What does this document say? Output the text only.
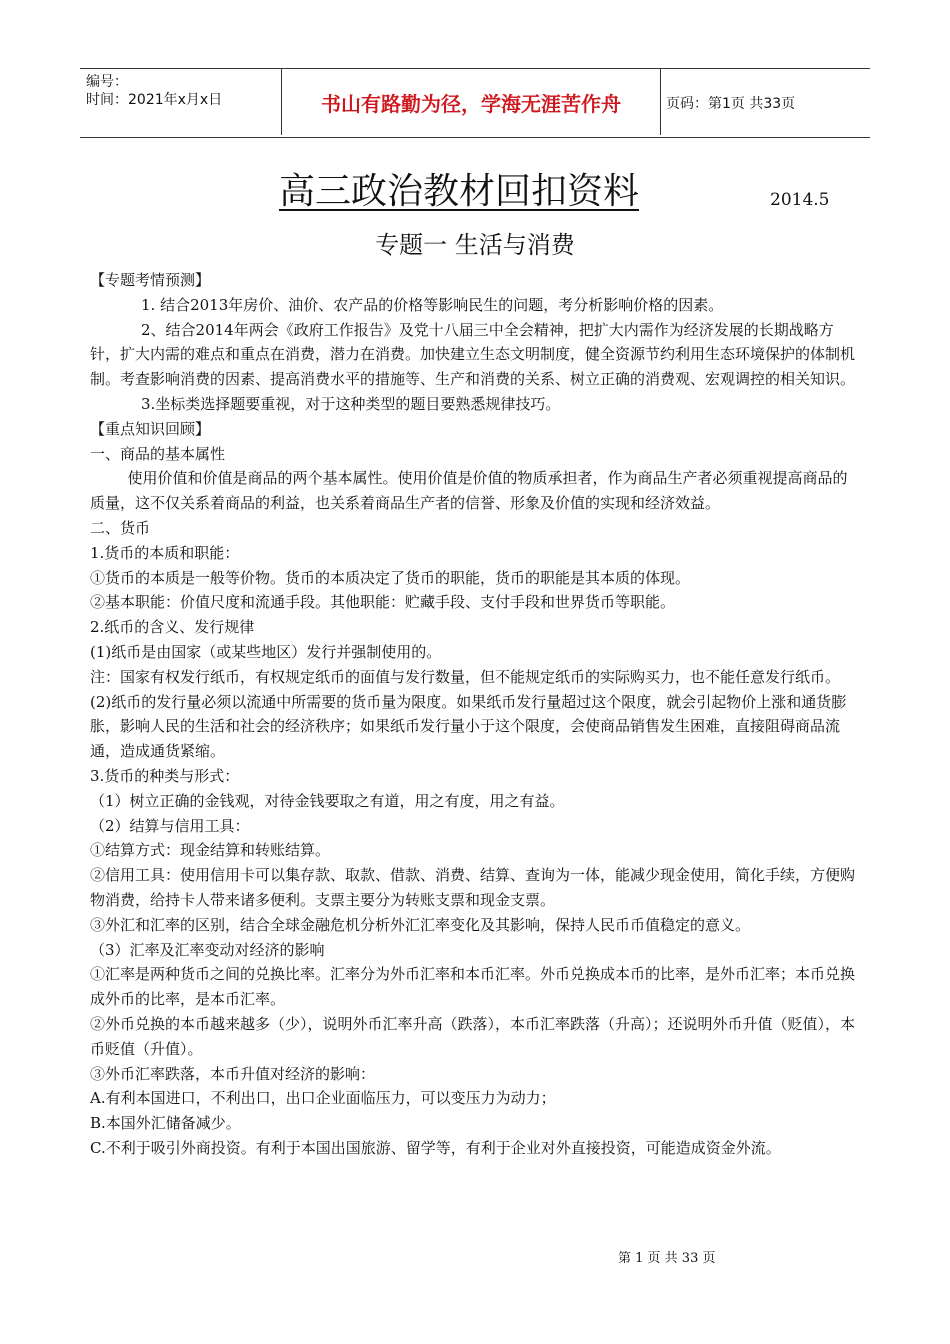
编号：
时间：2021年x月x日	书山有路勤为径，学海无涯苦作舟	页码：第1页 共33页
高三政治教材回扣资料	2014.5
专题一 生活与消费

【专题考情预测】

1. 结合2013年房价、油价、农产品的价格等影响民生的问题，考分析影响价格的因素。

2、结合2014年两会《政府工作报告》及党十八届三中全会精神，把扩大内需作为经济发展的长期战略方针，扩大内需的难点和重点在消费，潜力在消费。加快建立生态文明制度，健全资源节约利用生态环境保护的体制机制。考查影响消费的因素、提高消费水平的措施等、生产和消费的关系、树立正确的消费观、宏观调控的相关知识。

3.坐标类选择题要重视，对于这种类型的题目要熟悉规律技巧。

【重点知识回顾】

一、商品的基本属性

使用价值和价值是商品的两个基本属性。使用价值是价值的物质承担者，作为商品生产者必须重视提高商品的质量，这不仅关系着商品的利益，也关系着商品生产者的信誉、形象及价值的实现和经济效益。

二、货币

1.货币的本质和职能：

①货币的本质是一般等价物。货币的本质决定了货币的职能，货币的职能是其本质的体现。

②基本职能：价值尺度和流通手段。其他职能：贮藏手段、支付手段和世界货币等职能。

2.纸币的含义、发行规律

(1)纸币是由国家（或某些地区）发行并强制使用的。

注：国家有权发行纸币，有权规定纸币的面值与发行数量，但不能规定纸币的实际购买力，也不能任意发行纸币。

(2)纸币的发行量必须以流通中所需要的货币量为限度。如果纸币发行量超过这个限度，就会引起物价上涨和通货膨胀，影响人民的生活和社会的经济秩序；如果纸币发行量小于这个限度，会使商品销售发生困难，直接阻碍商品流通，造成通货紧缩。

3.货币的种类与形式：

（1）树立正确的金钱观，对待金钱要取之有道，用之有度，用之有益。

（2）结算与信用工具：

①结算方式：现金结算和转账结算。

②信用工具：使用信用卡可以集存款、取款、借款、消费、结算、查询为一体，能减少现金使用，简化手续，方便购物消费，给持卡人带来诸多便利。支票主要分为转账支票和现金支票。

③外汇和汇率的区别，结合全球金融危机分析外汇汇率变化及其影响，保持人民币币值稳定的意义。

（3）汇率及汇率变动对经济的影响

①汇率是两种货币之间的兑换比率。汇率分为外币汇率和本币汇率。外币兑换成本币的比率，是外币汇率；本币兑换成外币的比率，是本币汇率。

②外币兑换的本币越来越多（少），说明外币汇率升高（跌落），本币汇率跌落（升高）；还说明外币升值（贬值），本币贬值（升值）。

③外币汇率跌落，本币升值对经济的影响：

A.有利本国进口，不利出口，出口企业面临压力，可以变压力为动力；

B.本国外汇储备减少。

C.不利于吸引外商投资。有利于本国出国旅游、留学等，有利于企业对外直接投资，可能造成资金外流。

第 1 页 共 33 页
